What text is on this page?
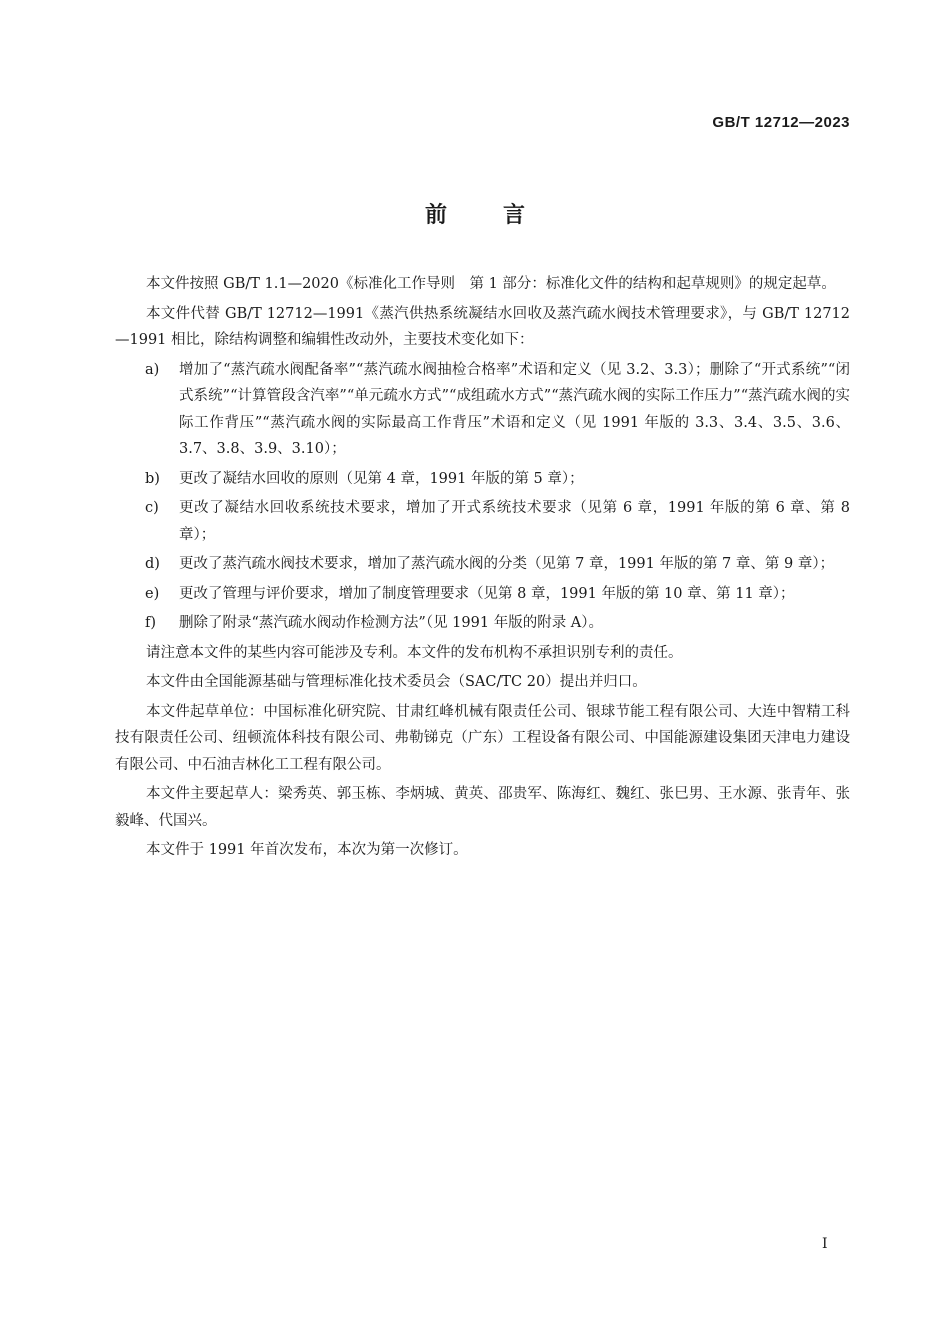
GB/T 12712—2023
前言

本文件按照 GB/T 1.1—2020《标准化工作导则　第 1 部分：标准化文件的结构和起草规则》的规定起草。

本文件代替 GB/T 12712—1991《蒸汽供热系统凝结水回收及蒸汽疏水阀技术管理要求》，与 GB/T 12712—1991 相比，除结构调整和编辑性改动外，主要技术变化如下：

a) 增加了“蒸汽疏水阀配备率”“蒸汽疏水阀抽检合格率”术语和定义（见 3.2、3.3）；删除了“开式系统”“闭式系统”“计算管段含汽率”“单元疏水方式”“成组疏水方式”“蒸汽疏水阀的实际工作压力”“蒸汽疏水阀的实际工作背压”“蒸汽疏水阀的实际最高工作背压”术语和定义（见 1991 年版的 3.3、3.4、3.5、3.6、3.7、3.8、3.9、3.10）；
b) 更改了凝结水回收的原则（见第 4 章，1991 年版的第 5 章）；
c) 更改了凝结水回收系统技术要求，增加了开式系统技术要求（见第 6 章，1991 年版的第 6 章、第 8 章）；
d) 更改了蒸汽疏水阀技术要求，增加了蒸汽疏水阀的分类（见第 7 章，1991 年版的第 7 章、第 9 章）；
e) 更改了管理与评价要求，增加了制度管理要求（见第 8 章，1991 年版的第 10 章、第 11 章）；
f) 删除了附录“蒸汽疏水阀动作检测方法”（见 1991 年版的附录 A）。

请注意本文件的某些内容可能涉及专利。本文件的发布机构不承担识别专利的责任。

本文件由全国能源基础与管理标准化技术委员会（SAC/TC 20）提出并归口。

本文件起草单位：中国标准化研究院、甘肃红峰机械有限责任公司、银球节能工程有限公司、大连中智精工科技有限责任公司、纽顿流体科技有限公司、弗勒锑克（广东）工程设备有限公司、中国能源建设集团天津电力建设有限公司、中石油吉林化工工程有限公司。

本文件主要起草人：梁秀英、郭玉栋、李炳城、黄英、邵贵军、陈海红、魏红、张巳男、王水源、张青年、张毅峰、代国兴。

本文件于 1991 年首次发布，本次为第一次修订。

I
